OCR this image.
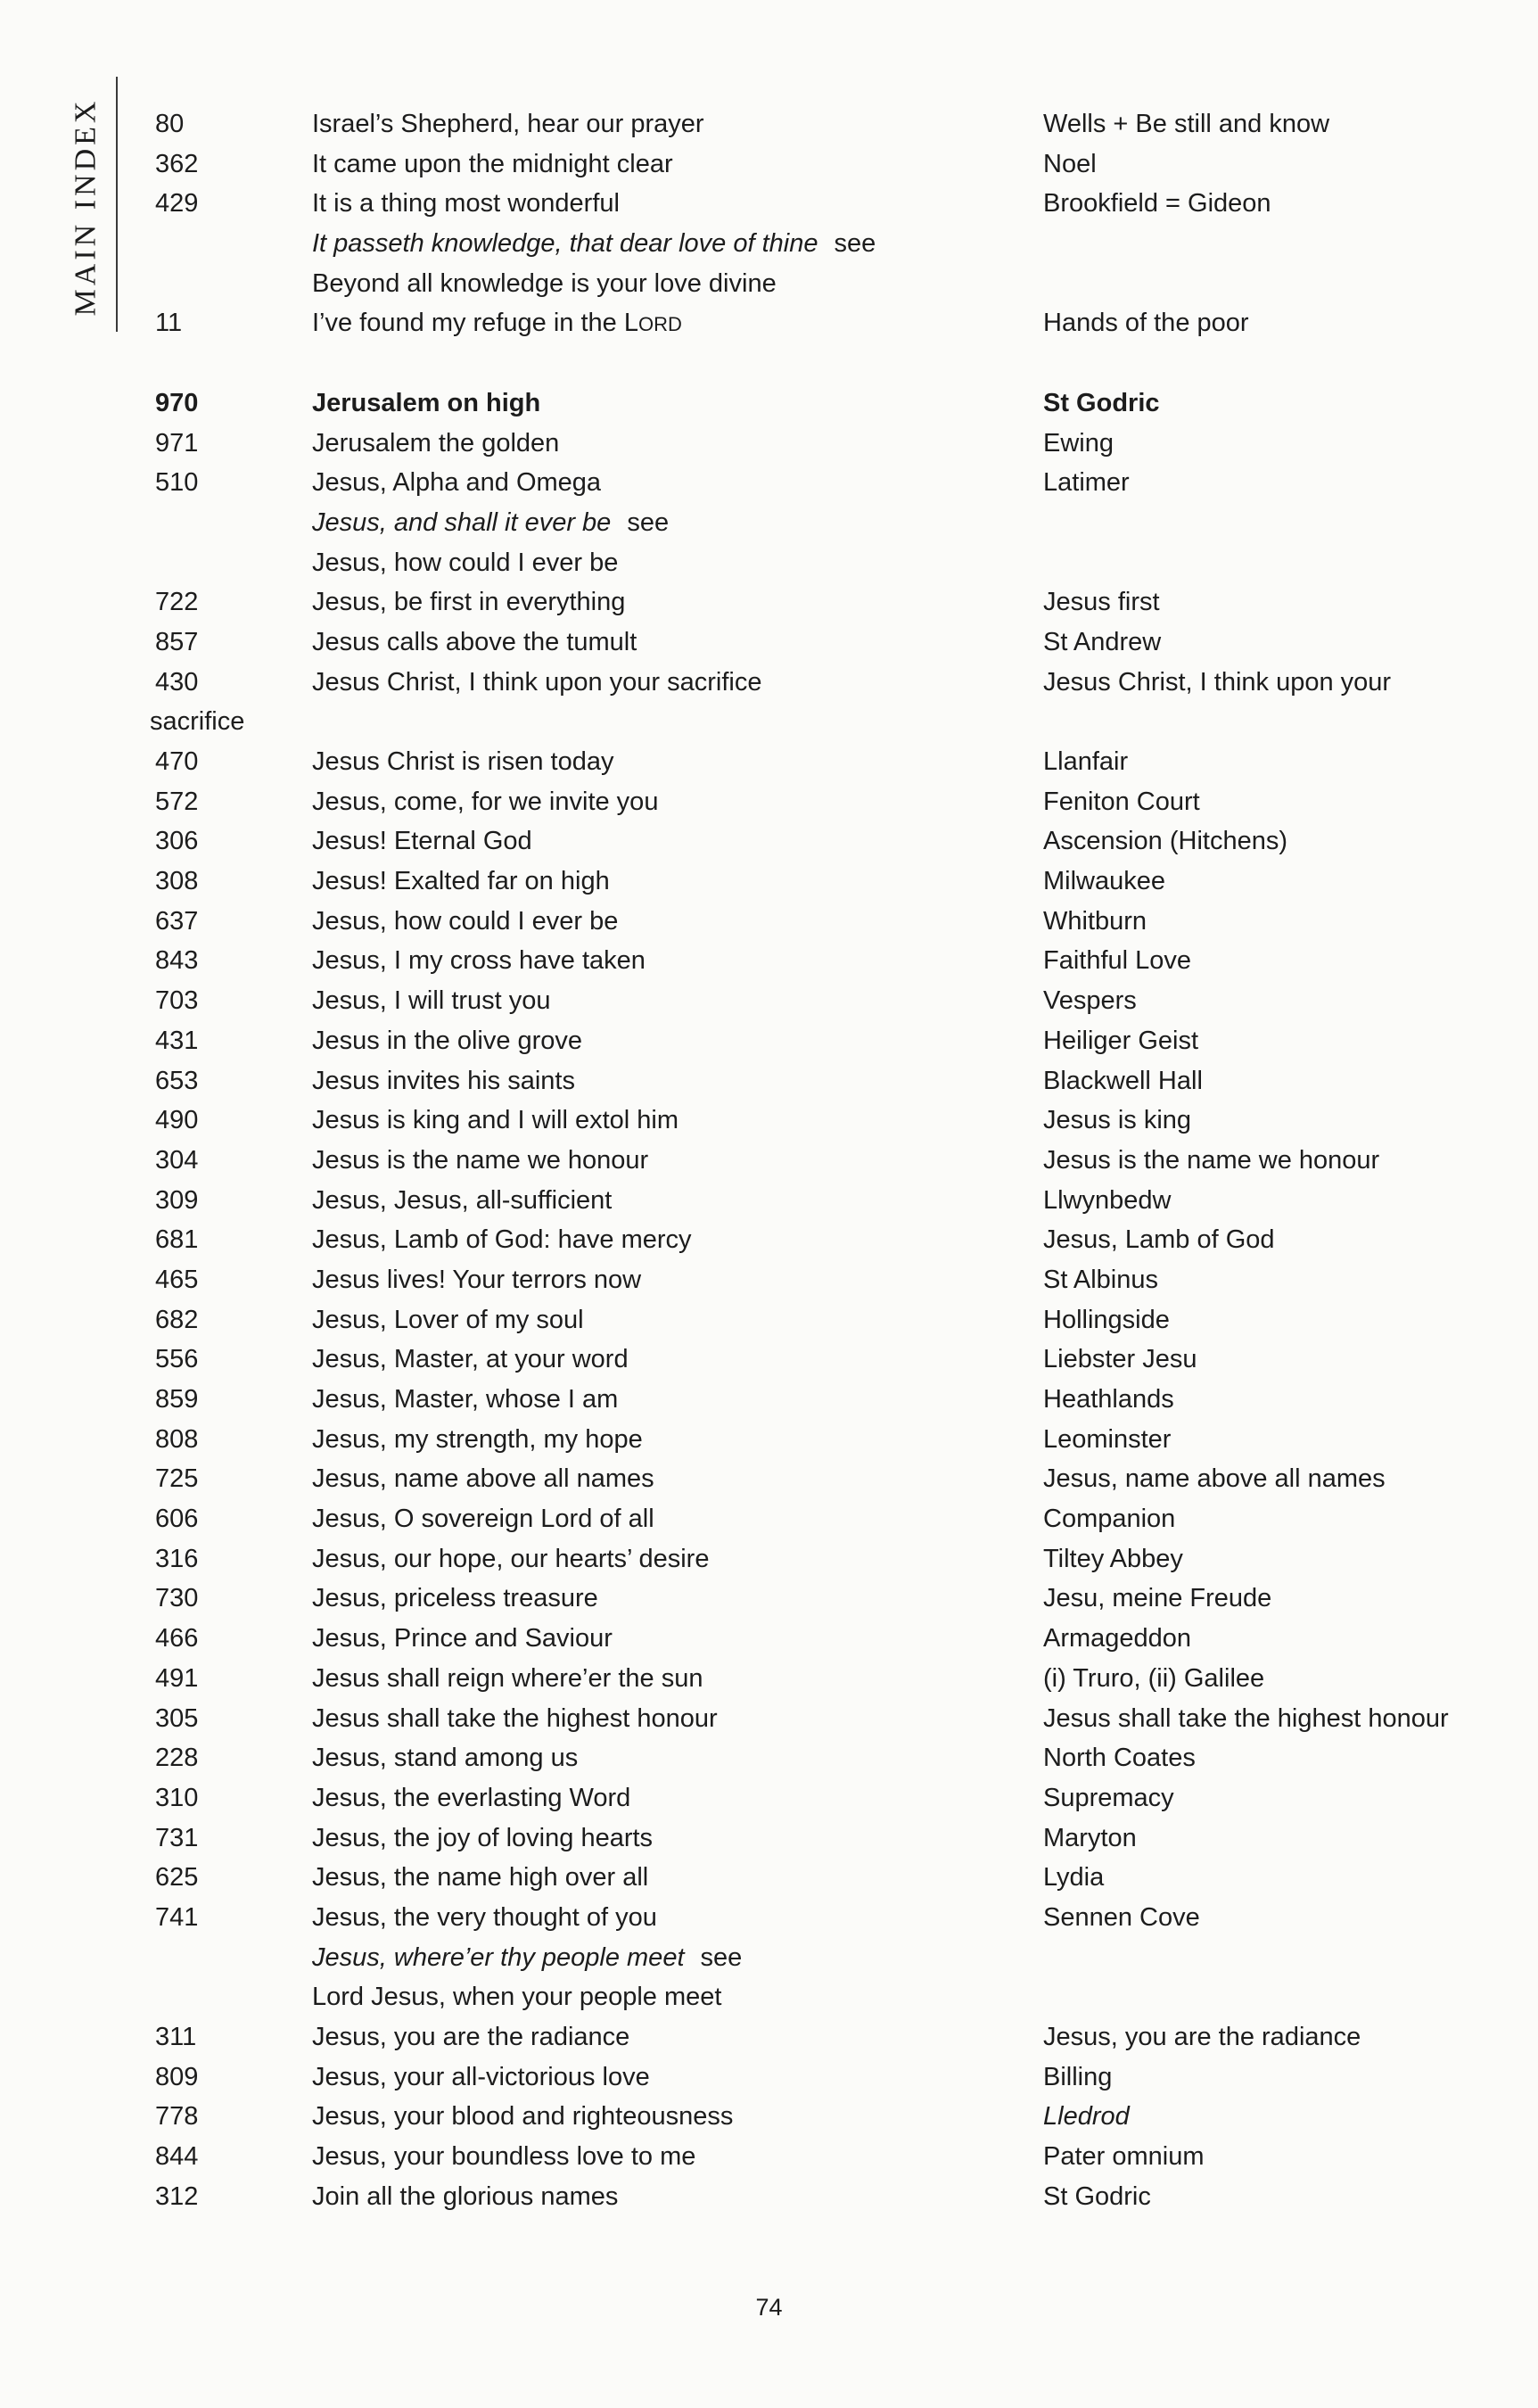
MAIN INDEX 80	Israel’s Shepherd, hear our prayer	Wells + Be still and know
362	It came upon the midnight clear	Noel
429	It is a thing most wonderful	Brookfield = Gideon
It passeth knowledge, that dear love of thine see
Beyond all knowledge is your love divine
11	I’ve found my refuge in the LORD	Hands of the poor
970	Jerusalem on high	St Godric
971	Jerusalem the golden	Ewing
510	Jesus, Alpha and Omega	Latimer
Jesus, and shall it ever be see
Jesus, how could I ever be
722	Jesus, be first in everything	Jesus first
857	Jesus calls above the tumult	St Andrew
430	Jesus Christ, I think upon your sacrifice	Jesus Christ, I think upon your
sacrifice
470	Jesus Christ is risen today	Llanfair
572	Jesus, come, for we invite you	Feniton Court
306	Jesus! Eternal God	Ascension (Hitchens)
308	Jesus! Exalted far on high	Milwaukee
637	Jesus, how could I ever be	Whitburn
843	Jesus, I my cross have taken	Faithful Love
703	Jesus, I will trust you	Vespers
431	Jesus in the olive grove	Heiliger Geist
653	Jesus invites his saints	Blackwell Hall
490	Jesus is king and I will extol him	Jesus is king
304	Jesus is the name we honour	Jesus is the name we honour
309	Jesus, Jesus, all-sufficient	Llwynbedw
681	Jesus, Lamb of God: have mercy	Jesus, Lamb of God
465	Jesus lives! Your terrors now	St Albinus
682	Jesus, Lover of my soul	Hollingside
556	Jesus, Master, at your word	Liebster Jesu
859	Jesus, Master, whose I am	Heathlands
808	Jesus, my strength, my hope	Leominster
725	Jesus, name above all names	Jesus, name above all names
606	Jesus, O sovereign Lord of all	Companion
316	Jesus, our hope, our hearts’ desire	Tiltey Abbey
730	Jesus, priceless treasure	Jesu, meine Freude
466	Jesus, Prince and Saviour	Armageddon
491	Jesus shall reign where’er the sun	(i) Truro, (ii) Galilee
305	Jesus shall take the highest honour	Jesus shall take the highest honour
228	Jesus, stand among us	North Coates
310	Jesus, the everlasting Word	Supremacy
731	Jesus, the joy of loving hearts	Maryton
625	Jesus, the name high over all	Lydia
741	Jesus, the very thought of you	Sennen Cove
Jesus, where’er thy people meet see
Lord Jesus, when your people meet
311	Jesus, you are the radiance	Jesus, you are the radiance
809	Jesus, your all-victorious love	Billing
778	Jesus, your blood and righteousness	Lledrod
844	Jesus, your boundless love to me	Pater omnium
312	Join all the glorious names	St Godric
74
